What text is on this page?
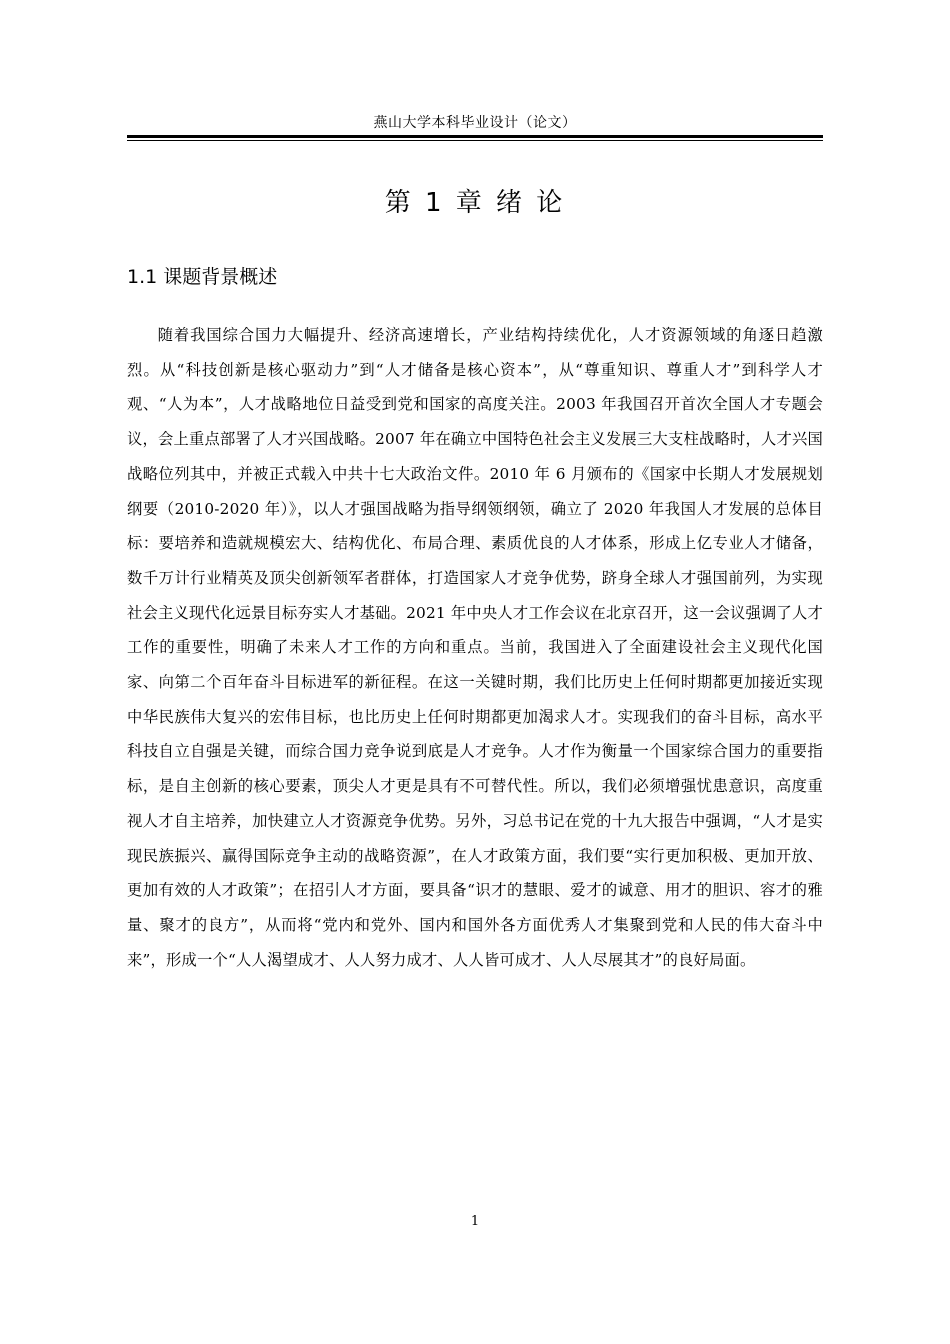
燕山大学本科毕业设计（论文）
第 1 章 绪 论
1.1 课题背景概述

随着我国综合国力大幅提升、经济高速增长，产业结构持续优化，人才资源领域的角逐日趋激烈。从“科技创新是核心驱动力”到“人才储备是核心资本”，从“尊重知识、尊重人才”到科学人才观、“人为本”，人才战略地位日益受到党和国家的高度关注。2003 年我国召开首次全国人才专题会议，会上重点部署了人才兴国战略。2007 年在确立中国特色社会主义发展三大支柱战略时，人才兴国战略位列其中，并被正式载入中共十七大政治文件。2010 年 6 月颁布的《国家中长期人才发展规划纲要（2010-2020 年）》，以人才强国战略为指导纲领纲领，确立了 2020 年我国人才发展的总体目标：要培养和造就规模宏大、结构优化、布局合理、素质优良的人才体系，形成上亿专业人才储备，数千万计行业精英及顶尖创新领军者群体，打造国家人才竞争优势，跻身全球人才强国前列，为实现社会主义现代化远景目标夯实人才基础。2021 年中央人才工作会议在北京召开，这一会议强调了人才工作的重要性，明确了未来人才工作的方向和重点。当前，我国进入了全面建设社会主义现代化国家、向第二个百年奋斗目标进军的新征程。在这一关键时期，我们比历史上任何时期都更加接近实现中华民族伟大复兴的宏伟目标，也比历史上任何时期都更加渴求人才。实现我们的奋斗目标，高水平科技自立自强是关键，而综合国力竞争说到底是人才竞争。人才作为衡量一个国家综合国力的重要指标，是自主创新的核心要素，顶尖人才更是具有不可替代性。所以，我们必须增强忧患意识，高度重视人才自主培养，加快建立人才资源竞争优势。另外，习总书记在党的十九大报告中强调，“人才是实现民族振兴、赢得国际竞争主动的战略资源”，在人才政策方面，我们要“实行更加积极、更加开放、更加有效的人才政策”；在招引人才方面，要具备“识才的慧眼、爱才的诚意、用才的胆识、容才的雅量、聚才的良方”，从而将“党内和党外、国内和国外各方面优秀人才集聚到党和人民的伟大奋斗中来”，形成一个“人人渴望成才、人人努力成才、人人皆可成才、人人尽展其才”的良好局面。

1
